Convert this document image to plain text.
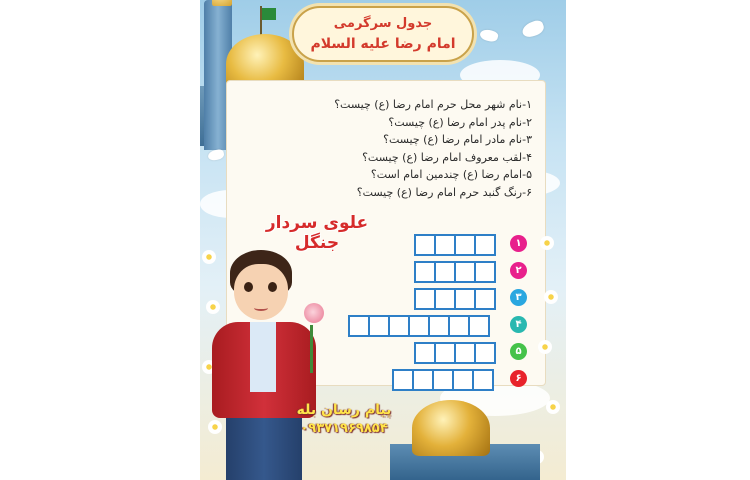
جدول سرگرمی
امام رضا علیه السلام
۱-نام شهر محل حرم امام رضا (ع) چیست؟
۲-نام پدر امام رضا (ع) چیست؟
۳-نام مادر امام رضا (ع) چیست؟
۴-لقب معروف امام رضا (ع) چیست؟
۵-امام رضا (ع) چندمین امام است؟
۶-رنگ گنبد حرم امام رضا (ع) چیست؟
علوی سردار جنگل	۱
۲
۳
۴
۵
۶
پیام رسان بله
۰۹۳۷۱۹۶۹۸۵۴
